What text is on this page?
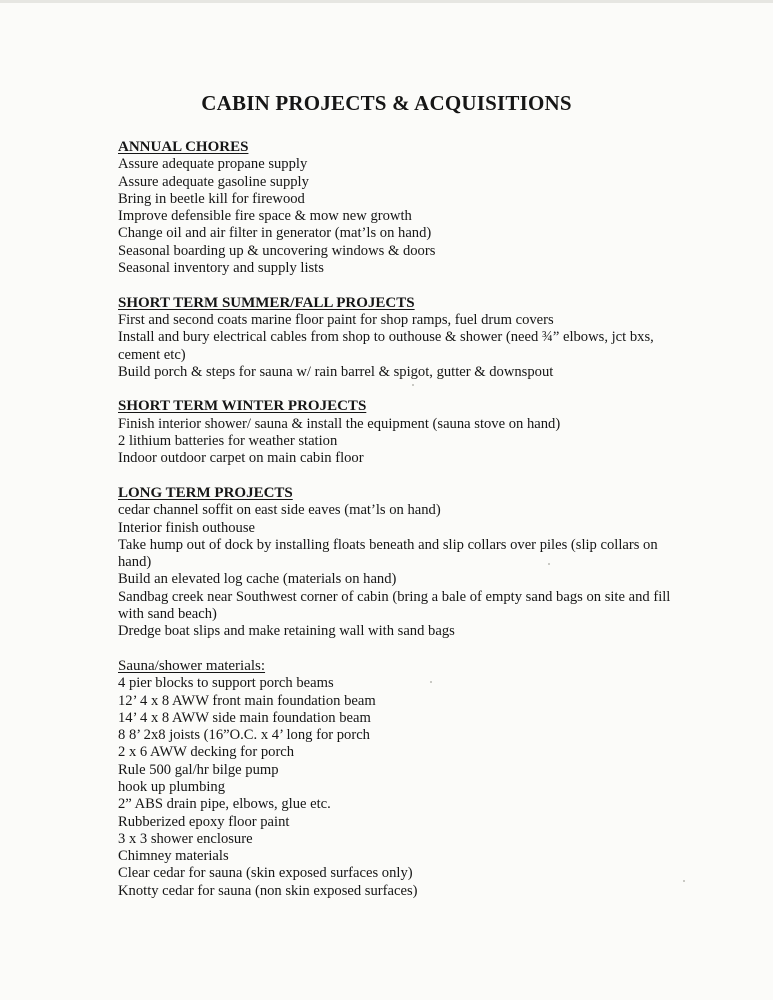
CABIN PROJECTS & ACQUISITIONS
ANNUAL CHORES
Assure adequate propane supply
Assure adequate gasoline supply
Bring in beetle kill for firewood
Improve defensible fire space & mow new growth
Change oil and air filter in generator (mat’ls on hand)
Seasonal boarding up & uncovering windows & doors
Seasonal inventory and supply lists
SHORT TERM SUMMER/FALL PROJECTS
First and second coats marine floor paint for shop ramps, fuel drum covers
Install and bury electrical cables from shop to outhouse & shower (need ¾” elbows, jct bxs, cement etc)
Build porch & steps for sauna w/ rain barrel & spigot, gutter & downspout
SHORT TERM WINTER PROJECTS
Finish interior shower/ sauna & install the equipment (sauna stove on hand)
2 lithium batteries for weather station
Indoor outdoor carpet on main cabin floor
LONG TERM PROJECTS
cedar channel soffit on east side eaves (mat’ls on hand)
Interior finish outhouse
Take hump out of dock by installing floats beneath and slip collars over piles (slip collars on hand)
Build an elevated log cache (materials on hand)
Sandbag creek near Southwest corner of cabin (bring a bale of empty sand bags on site and fill with sand beach)
Dredge boat slips and make retaining wall with sand bags
Sauna/shower materials:
4 pier blocks to support porch beams
12’ 4 x 8 AWW front main foundation beam
14’ 4 x 8 AWW side main foundation beam
8 8’ 2x8 joists (16”O.C. x 4’ long for porch
2 x 6 AWW decking for porch
Rule 500 gal/hr bilge pump
hook up plumbing
2” ABS drain pipe, elbows, glue etc.
Rubberized epoxy floor paint
3 x 3 shower enclosure
Chimney materials
Clear cedar for sauna (skin exposed surfaces only)
Knotty cedar for sauna (non skin exposed surfaces)
